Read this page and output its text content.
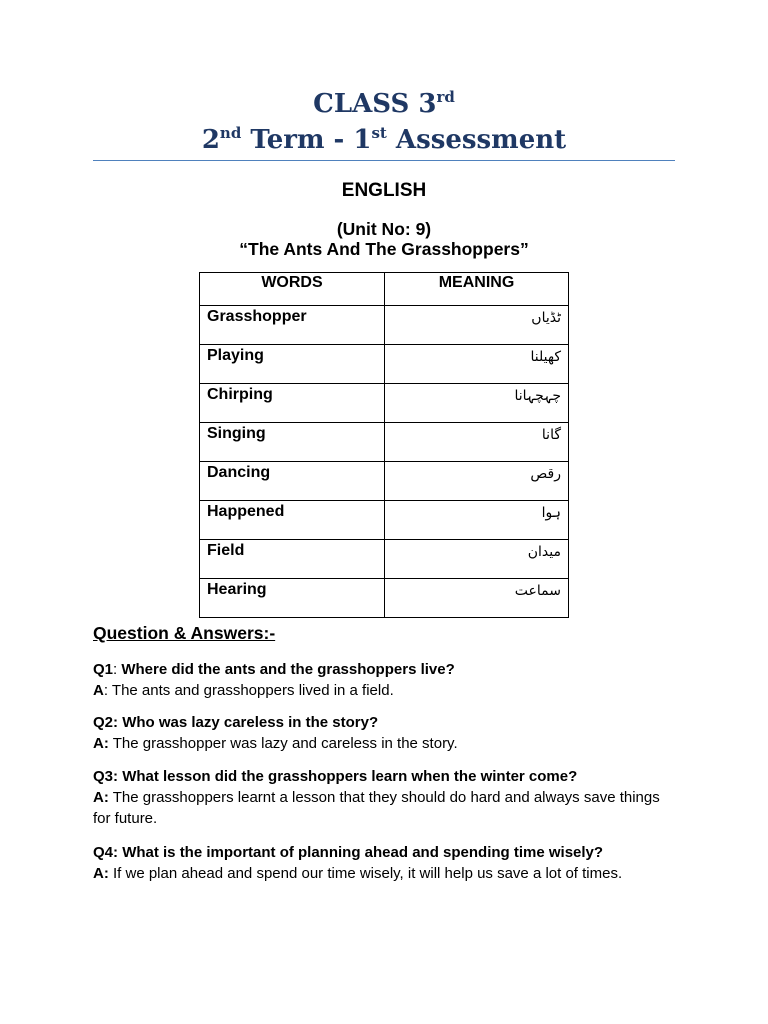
CLASS 3rd
2nd Term - 1st Assessment
ENGLISH
(Unit No: 9)
“The Ants And The Grasshoppers”
WORDS	MEANING
Grasshopper	ٹڈیاں
Playing	کھیلنا
Chirping	چہچہانا
Singing	گانا
Dancing	رقص
Happened	ہوا
Field	میدان
Hearing	سماعت
Question & Answers:-
Q1: Where did the ants and the grasshoppers live?
A: The ants and grasshoppers lived in a field.
Q2: Who was lazy careless in the story?
A: The grasshopper was lazy and careless in the story.
Q3: What lesson did the grasshoppers learn when the winter come?
A: The grasshoppers learnt a lesson that they should do hard and always save things for future.
Q4: What is the important of planning ahead and spending time wisely?
A: If we plan ahead and spend our time wisely, it will help us save a lot of times.
